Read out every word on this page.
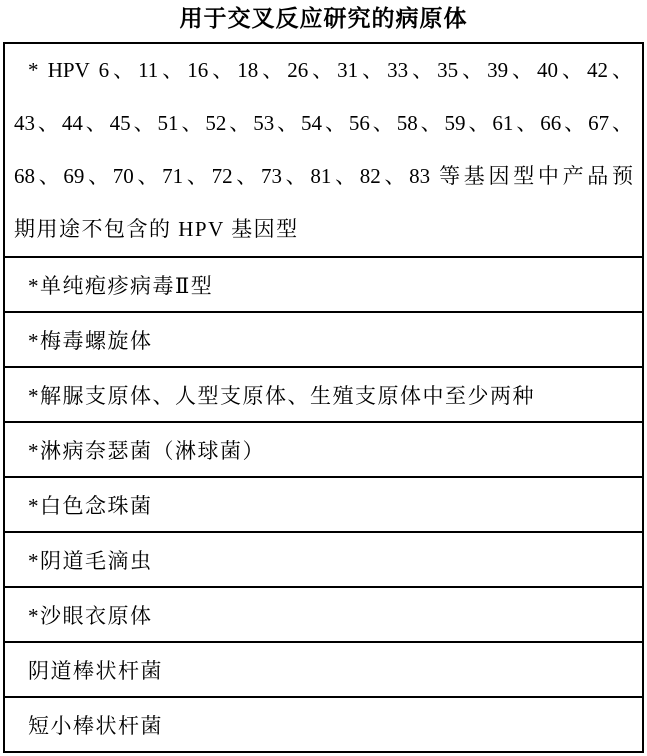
用于交叉反应研究的病原体
* HPV 6、11、16、18、26、31、33、35、39、40、42、
43、44、45、51、52、53、54、56、58、59、61、66、67、
68、69、70、71、72、73、81、82、83 等基因型中产品预
期用途不包含的 HPV 基因型

*单纯疱疹病毒Ⅱ型
*梅毒螺旋体
*解脲支原体、人型支原体、生殖支原体中至少两种
*淋病奈瑟菌（淋球菌）
*白色念珠菌
*阴道毛滴虫
*沙眼衣原体
阴道棒状杆菌
短小棒状杆菌
